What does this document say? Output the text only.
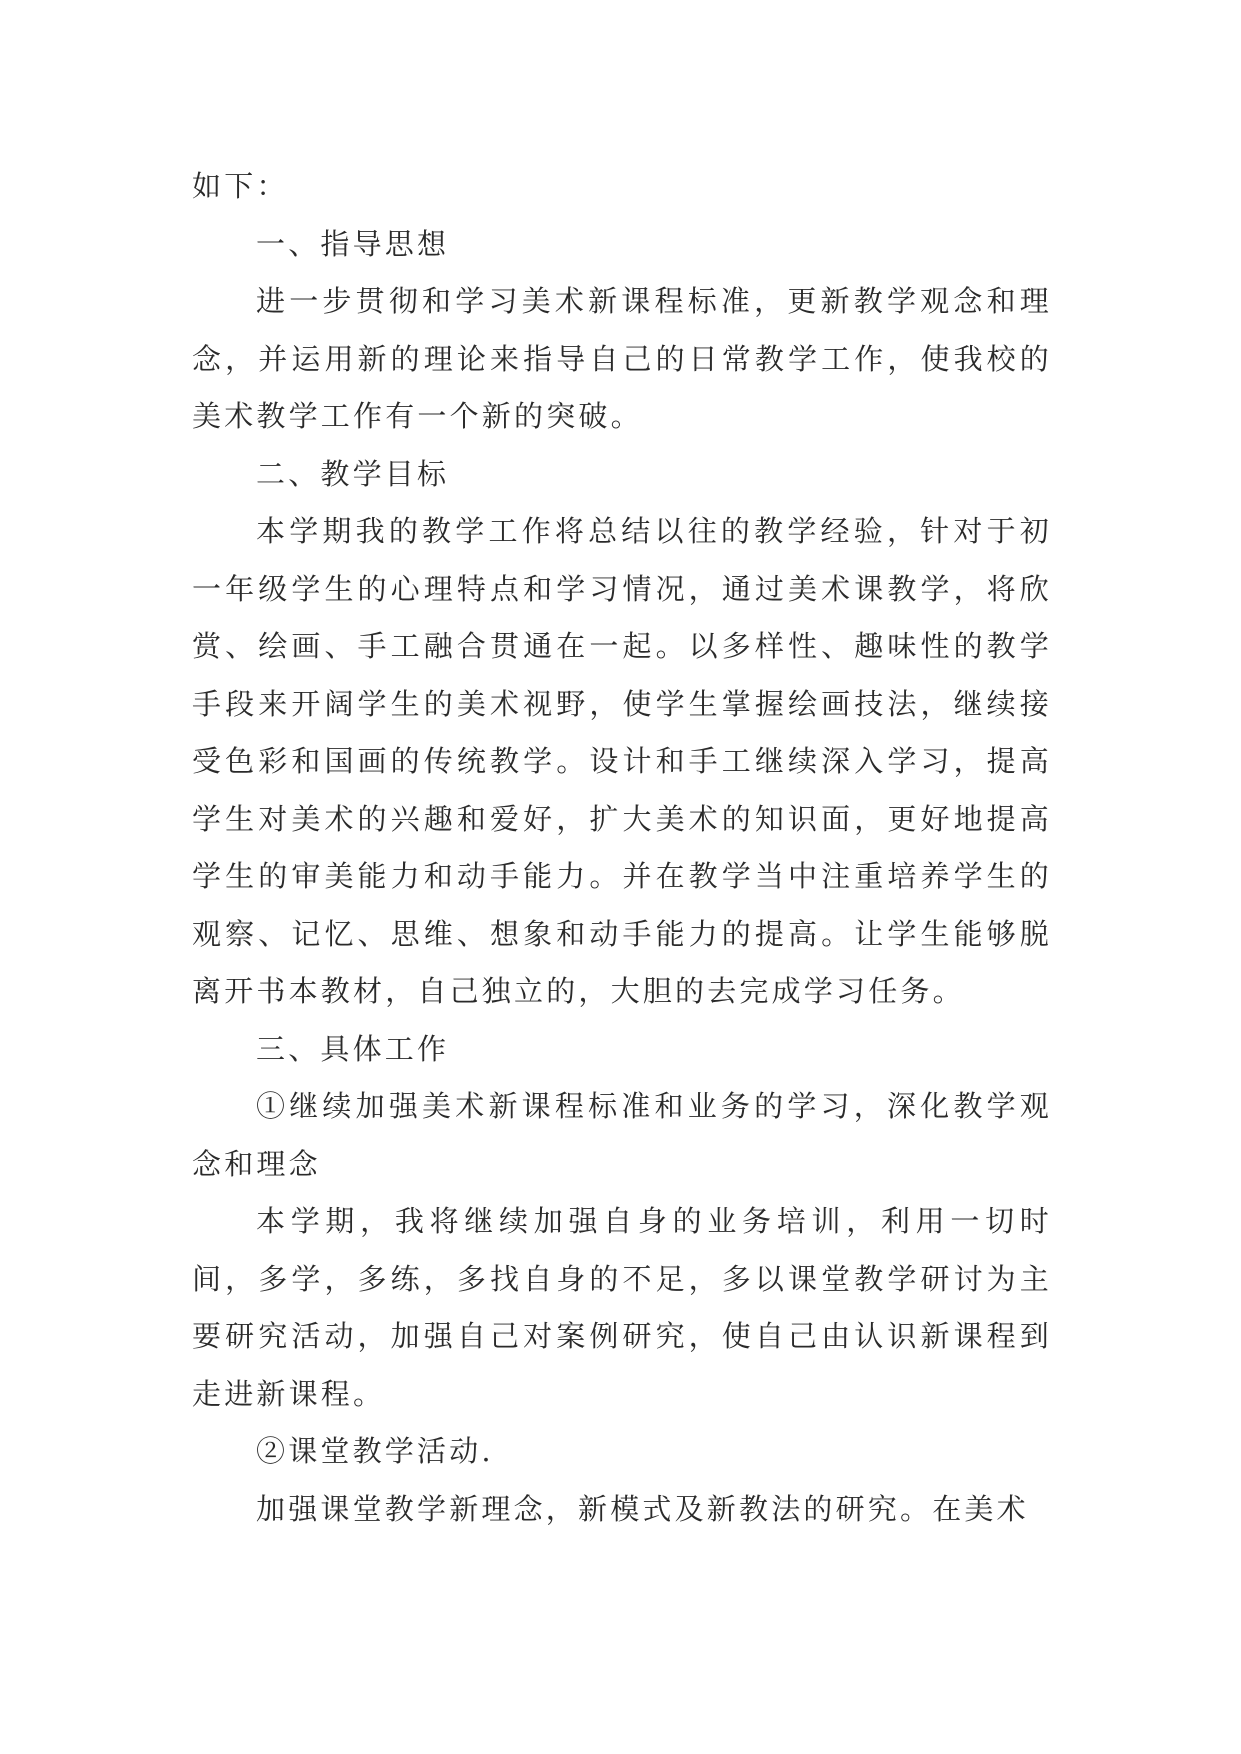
如下：

一、指导思想

进一步贯彻和学习美术新课程标准，更新教学观念和理念，并运用新的理论来指导自己的日常教学工作，使我校的美术教学工作有一个新的突破。

二、教学目标

本学期我的教学工作将总结以往的教学经验，针对于初一年级学生的心理特点和学习情况，通过美术课教学，将欣赏、绘画、手工融合贯通在一起。以多样性、趣味性的教学手段来开阔学生的美术视野，使学生掌握绘画技法，继续接受色彩和国画的传统教学。设计和手工继续深入学习，提高学生对美术的兴趣和爱好，扩大美术的知识面，更好地提高学生的审美能力和动手能力。并在教学当中注重培养学生的观察、记忆、思维、想象和动手能力的提高。让学生能够脱离开书本教材，自己独立的，大胆的去完成学习任务。

三、具体工作

①继续加强美术新课程标准和业务的学习，深化教学观念和理念

本学期，我将继续加强自身的业务培训，利用一切时间，多学，多练，多找自身的不足，多以课堂教学研讨为主要研究活动，加强自己对案例研究，使自己由认识新课程到走进新课程。

②课堂教学活动.

加强课堂教学新理念，新模式及新教法的研究。在美术
